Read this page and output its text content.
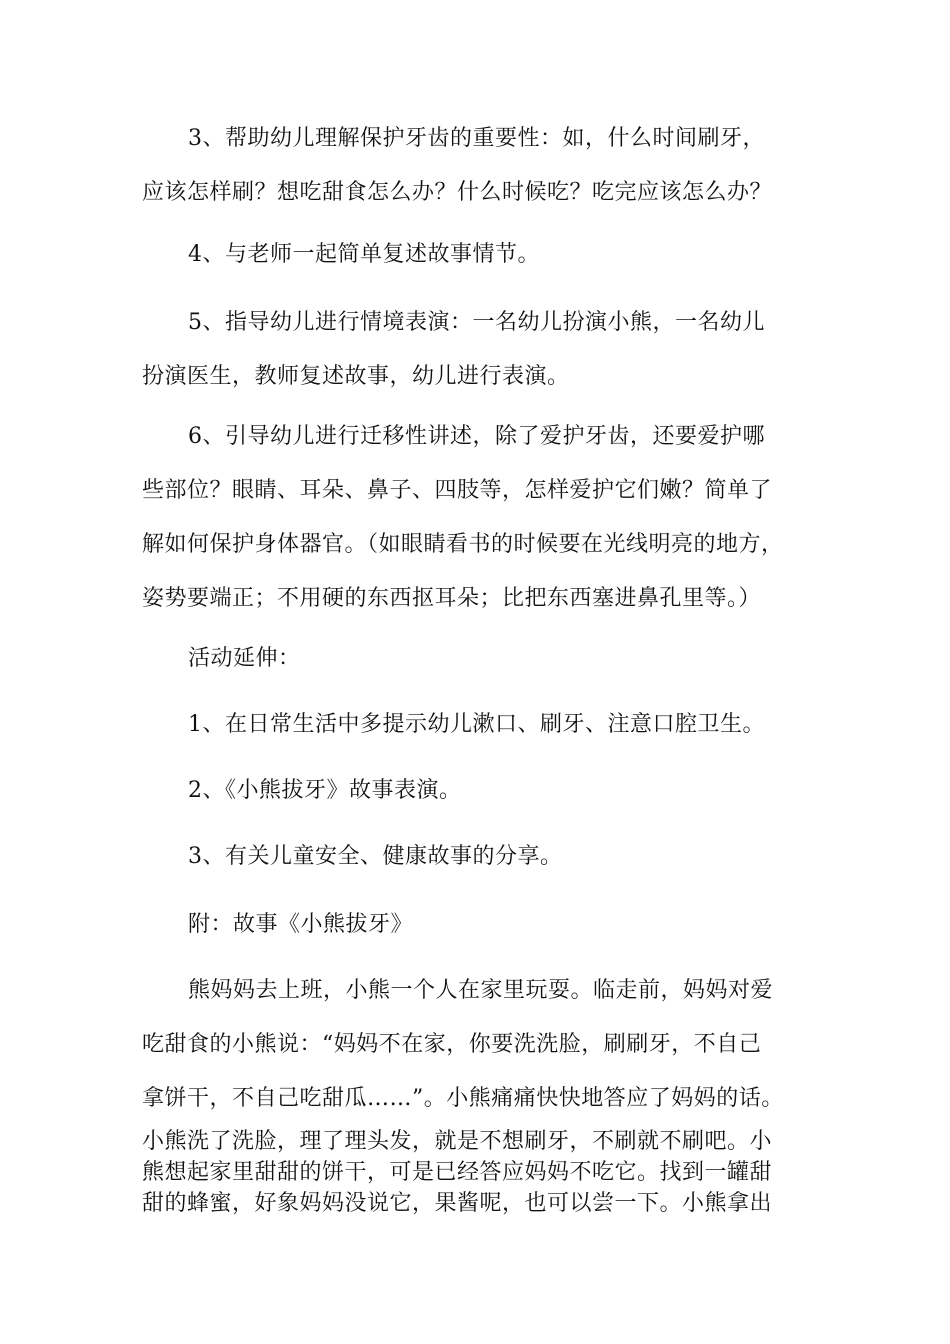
3、帮助幼儿理解保护牙齿的重要性：如，什么时间刷牙，
应该怎样刷？想吃甜食怎么办？什么时候吃？吃完应该怎么办？

4、与老师一起简单复述故事情节。

5、指导幼儿进行情境表演：一名幼儿扮演小熊，一名幼儿
扮演医生，教师复述故事，幼儿进行表演。

6、引导幼儿进行迁移性讲述，除了爱护牙齿，还要爱护哪
些部位？眼睛、耳朵、鼻子、四肢等，怎样爱护它们嫩？简单了
解如何保护身体器官。（如眼睛看书的时候要在光线明亮的地方，
姿势要端正；不用硬的东西抠耳朵；比把东西塞进鼻孔里等。）

活动延伸：

1、在日常生活中多提示幼儿漱口、刷牙、注意口腔卫生。

2、《小熊拔牙》故事表演。

3、有关儿童安全、健康故事的分享。

附：故事《小熊拔牙》

熊妈妈去上班，小熊一个人在家里玩耍。临走前，妈妈对爱
吃甜食的小熊说：“妈妈不在家，你要洗洗脸，刷刷牙，不自己
拿饼干，不自己吃甜瓜……”。小熊痛痛快快地答应了妈妈的话。

小熊洗了洗脸，理了理头发，就是不想刷牙，不刷就不刷吧。小
熊想起家里甜甜的饼干，可是已经答应妈妈不吃它。找到一罐甜
甜的蜂蜜，好象妈妈没说它，果酱呢，也可以尝一下。小熊拿出
